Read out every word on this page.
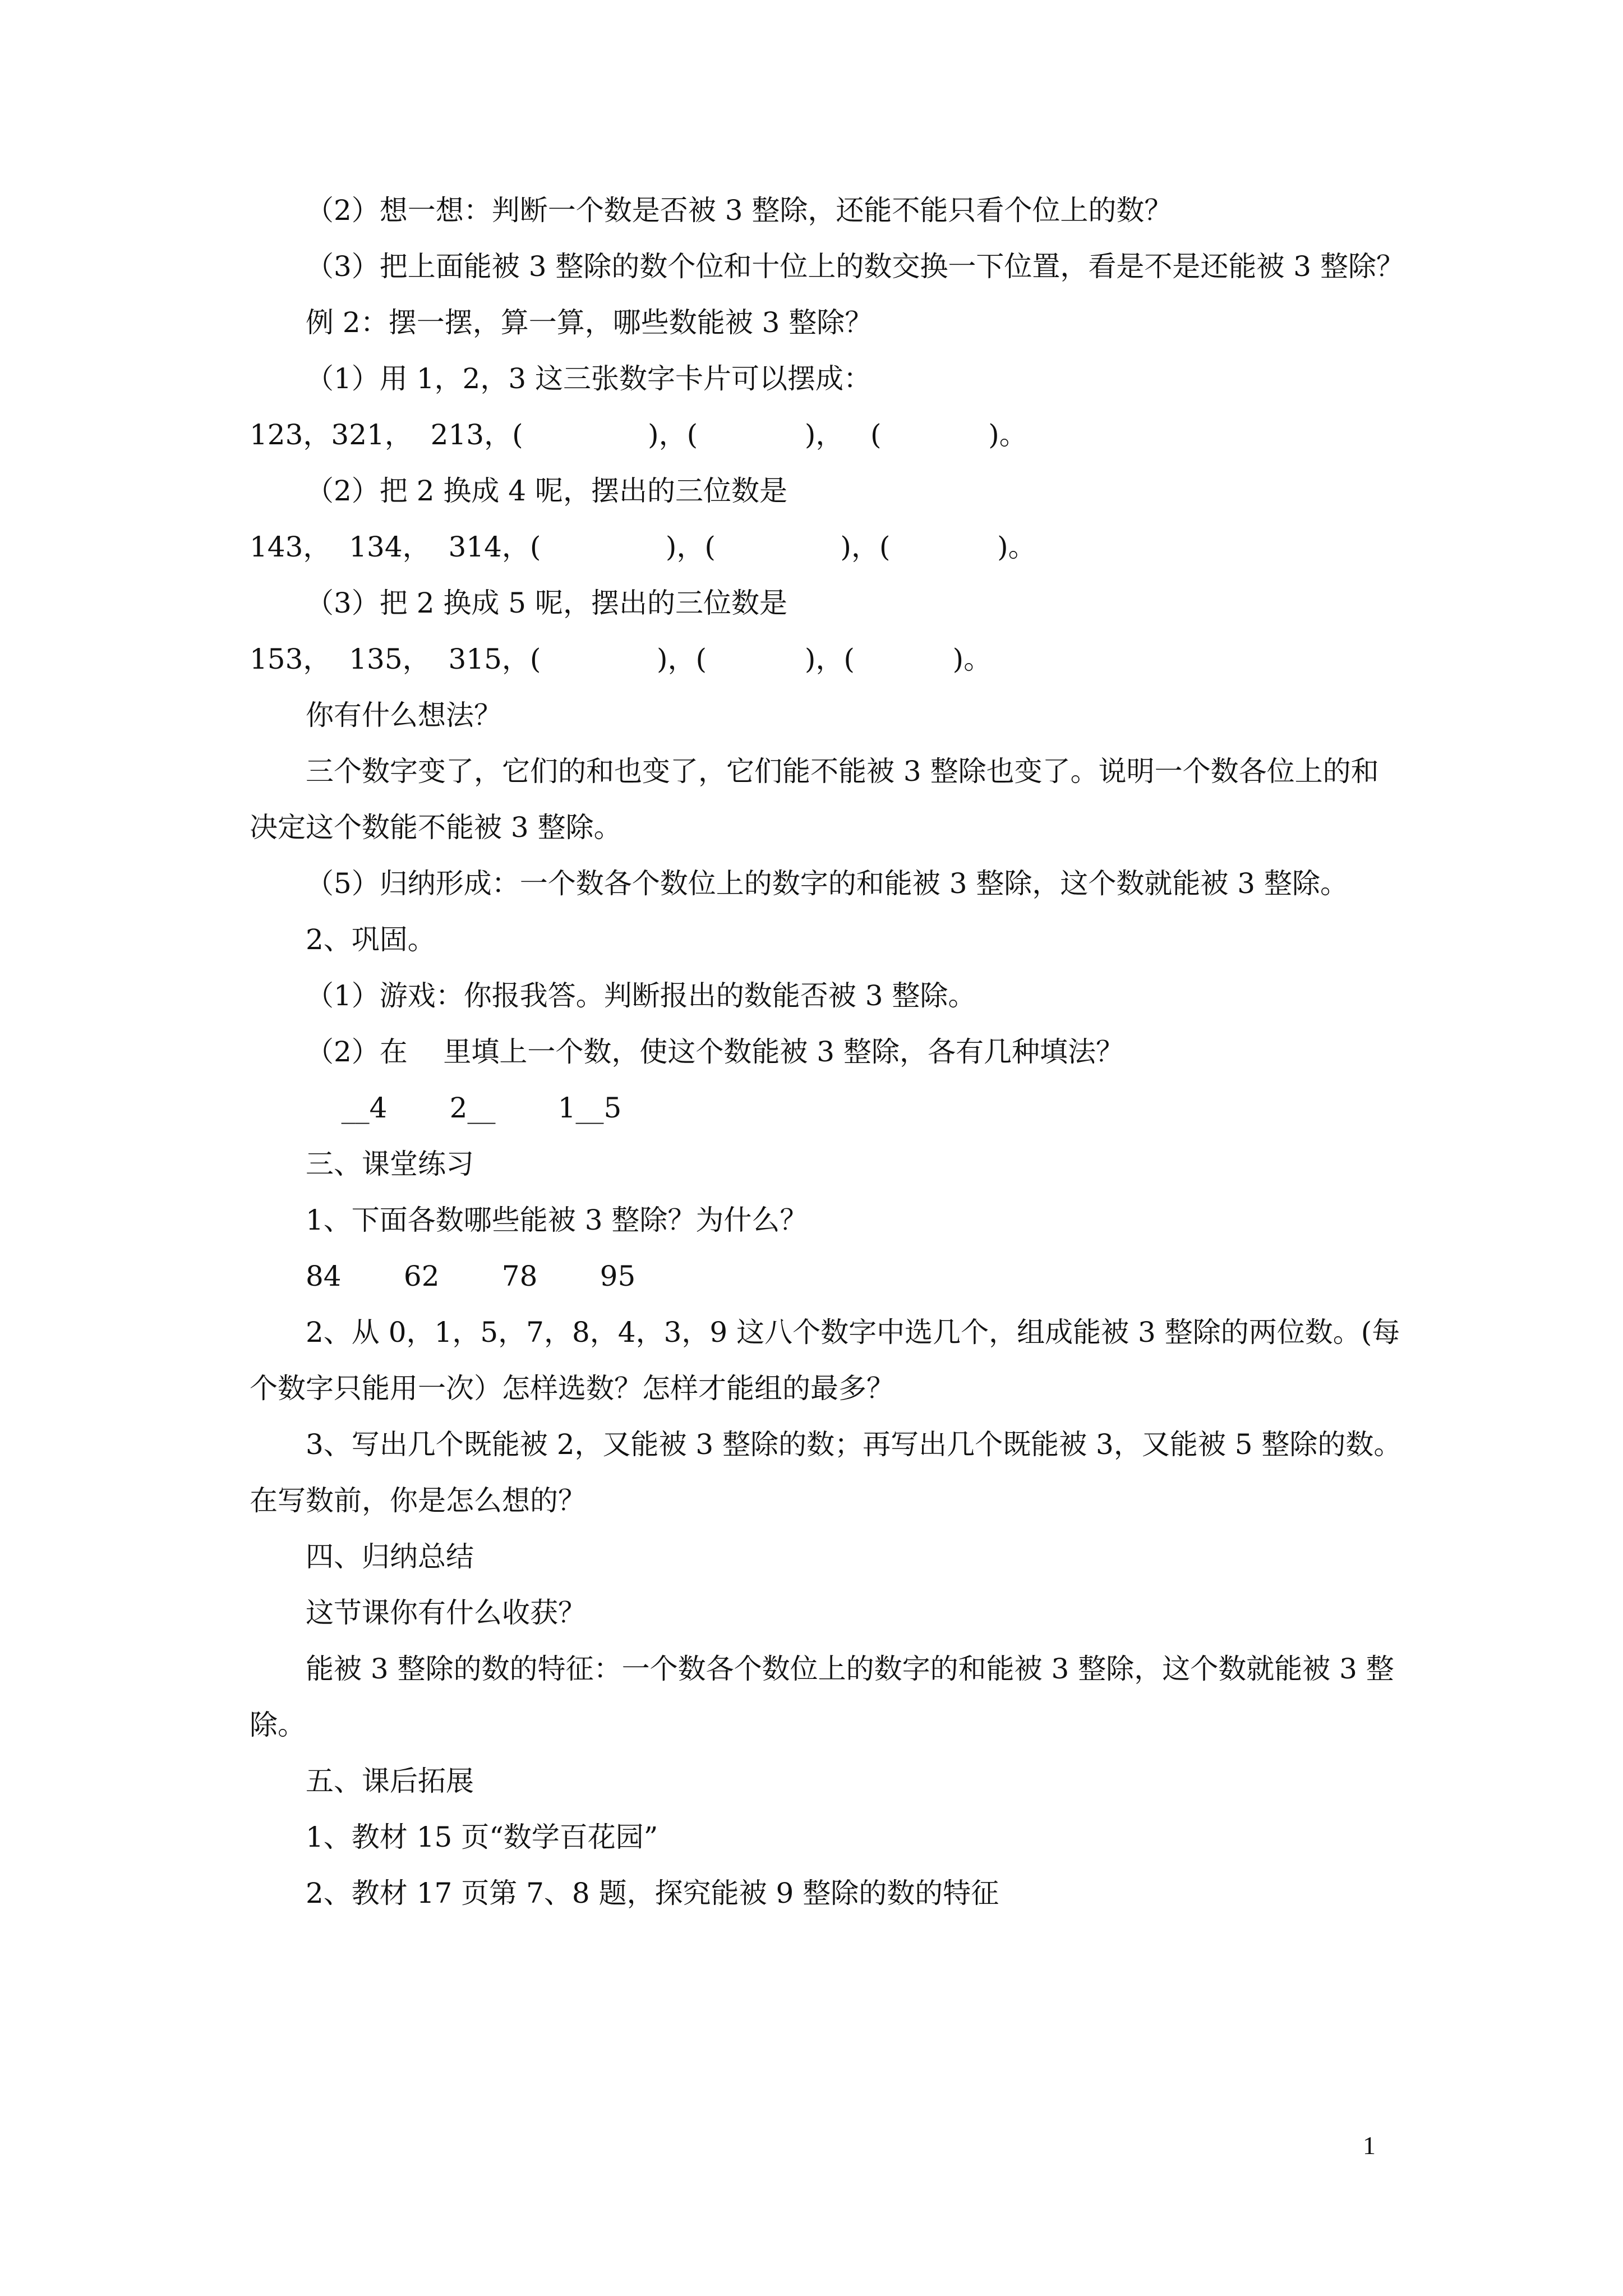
（2）想一想：判断一个数是否被 3 整除，还能不能只看个位上的数？
（3）把上面能被 3 整除的数个位和十位上的数交换一下位置，看是不是还能被 3 整除？
例 2：摆一摆，算一算，哪些数能被 3 整除？
（1）用 1，2，3 这三张数字卡片可以摆成：
123，321，  213，(              )，(            )，   (            )。
（2）把 2 换成 4 呢，摆出的三位数是
143，  134，  314，(              )，(              )，(            )。
（3）把 2 换成 5 呢，摆出的三位数是
153，  135，  315，(             )，(           )，(           )。
你有什么想法？
三个数字变了，它们的和也变了，它们能不能被 3 整除也变了。说明一个数各位上的和
决定这个数能不能被 3 整除。
（5）归纳形成：一个数各个数位上的数字的和能被 3 整除，这个数就能被 3 整除。
2、巩固。
（1）游戏：你报我答。判断报出的数能否被 3 整除。
（2）在    里填上一个数，使这个数能被 3 整除，各有几种填法？
__4       2__       1__5
三、课堂练习
1、下面各数哪些能被 3 整除？为什么？
84       62       78       95
2、从 0，1，5，7，8，4，3，9 这八个数字中选几个，组成能被 3 整除的两位数。(每
个数字只能用一次）怎样选数？怎样才能组的最多？
3、写出几个既能被 2，又能被 3 整除的数；再写出几个既能被 3，又能被 5 整除的数。
在写数前，你是怎么想的？
四、归纳总结
这节课你有什么收获？
能被 3 整除的数的特征：一个数各个数位上的数字的和能被 3 整除，这个数就能被 3 整
除。
五、课后拓展
1、教材 15 页“数学百花园”
2、教材 17 页第 7、8 题，探究能被 9 整除的数的特征
1
